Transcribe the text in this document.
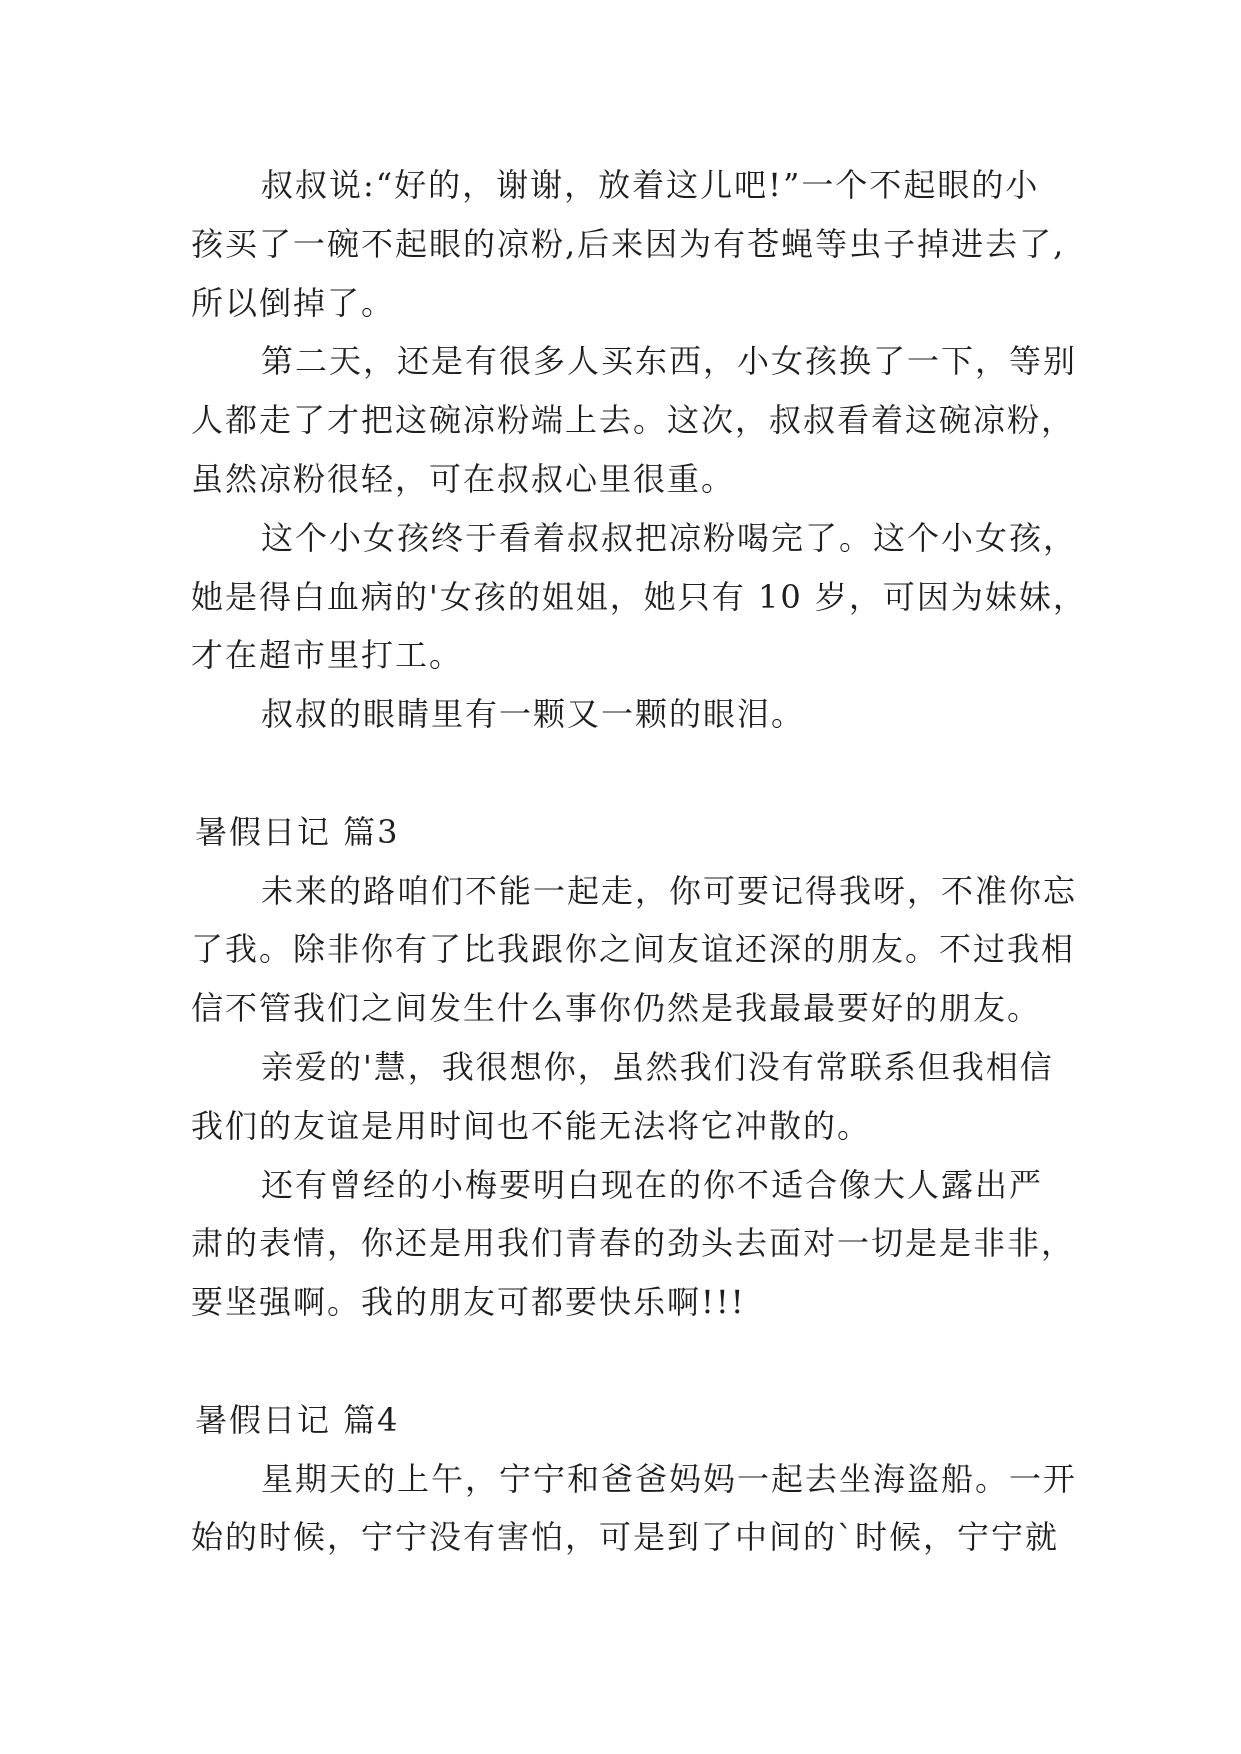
叔叔说:“好的，谢谢，放着这儿吧!”一个不起眼的小
孩买了一碗不起眼的凉粉,后来因为有苍蝇等虫子掉进去了,
所以倒掉了。
第二天，还是有很多人买东西，小女孩换了一下，等别
人都走了才把这碗凉粉端上去。这次，叔叔看着这碗凉粉，
虽然凉粉很轻，可在叔叔心里很重。
这个小女孩终于看着叔叔把凉粉喝完了。这个小女孩，
她是得白血病的'女孩的姐姐，她只有 10 岁，可因为妹妹，
才在超市里打工。
叔叔的眼睛里有一颗又一颗的眼泪。
暑假日记 篇3
未来的路咱们不能一起走，你可要记得我呀，不准你忘
了我。除非你有了比我跟你之间友谊还深的朋友。不过我相
信不管我们之间发生什么事你仍然是我最最要好的朋友。
亲爱的'慧，我很想你，虽然我们没有常联系但我相信
我们的友谊是用时间也不能无法将它冲散的。
还有曾经的小梅要明白现在的你不适合像大人露出严
肃的表情，你还是用我们青春的劲头去面对一切是是非非，
要坚强啊。我的朋友可都要快乐啊!!!
暑假日记 篇4
星期天的上午，宁宁和爸爸妈妈一起去坐海盗船。一开
始的时候，宁宁没有害怕，可是到了中间的`时候，宁宁就
